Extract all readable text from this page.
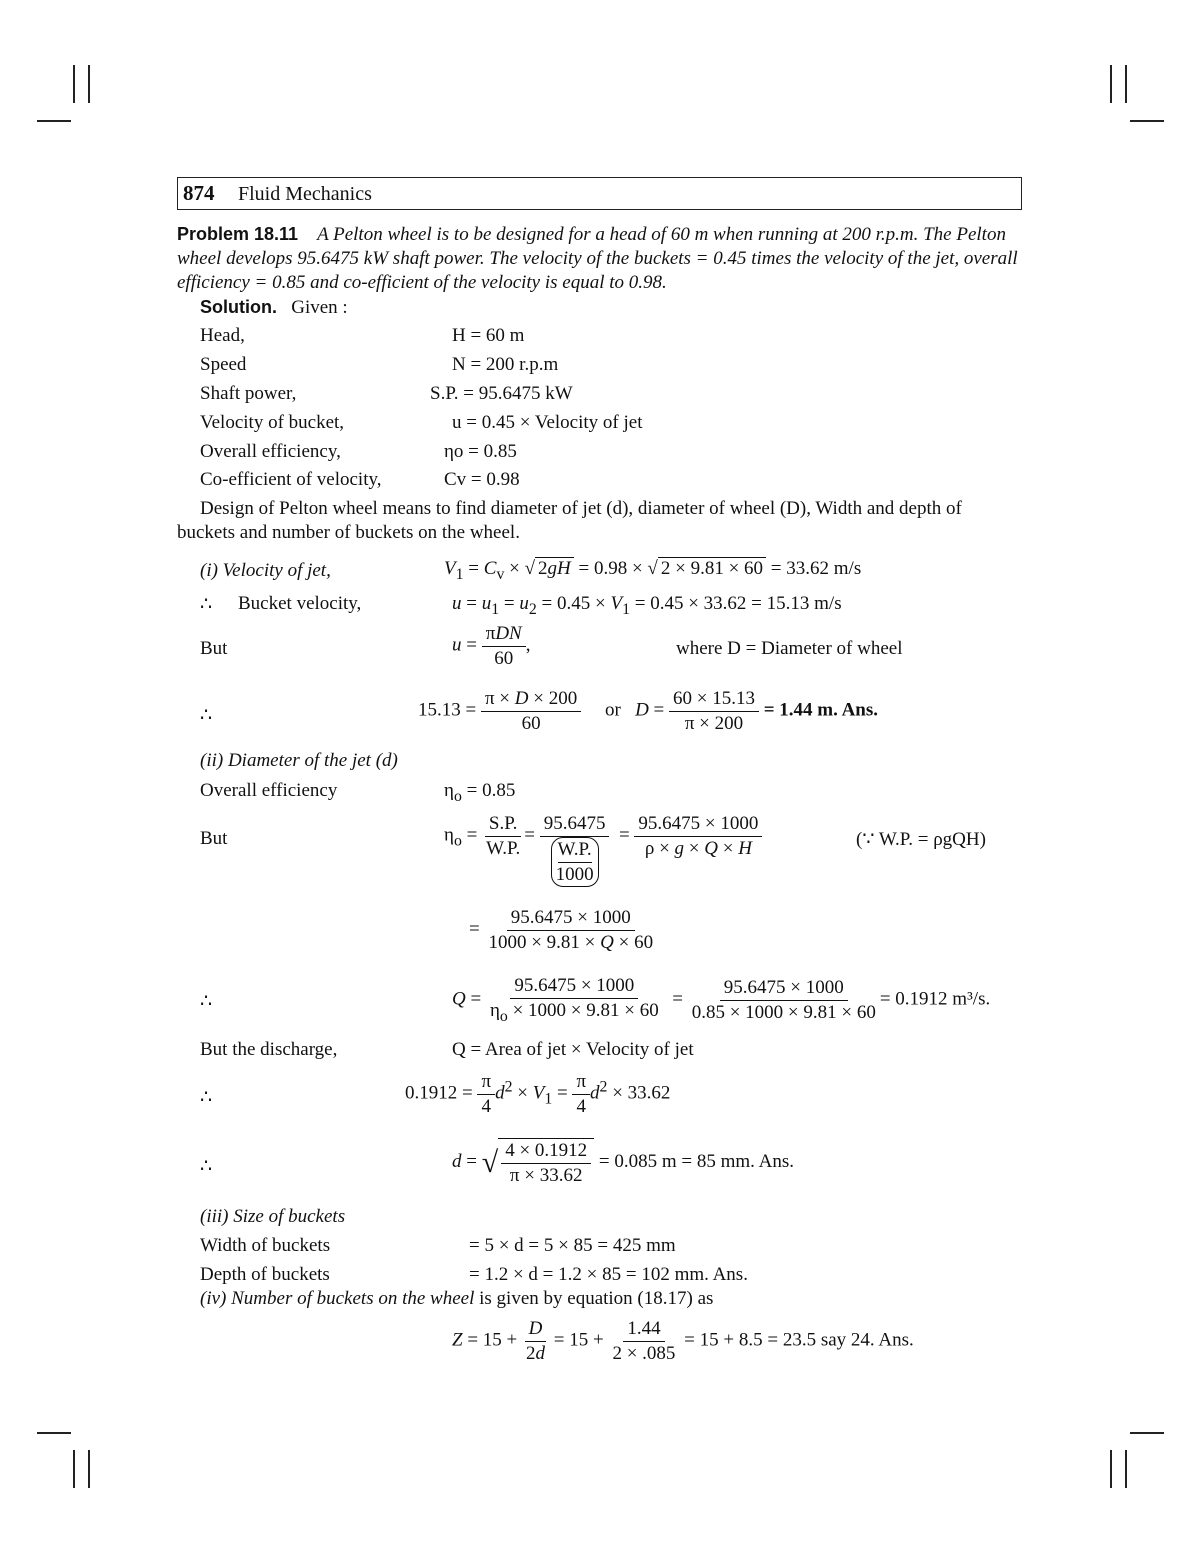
874 Fluid Mechanics
Problem 18.11 A Pelton wheel is to be designed for a head of 60 m when running at 200 r.p.m. The Pelton wheel develops 95.6475 kW shaft power. The velocity of the buckets = 0.45 times the velocity of the jet, overall efficiency = 0.85 and co-efficient of the velocity is equal to 0.98.
Solution. Given :
Head,	H = 60 m
Speed	N = 200 r.p.m
Shaft power,	S.P. = 95.6475 kW
Velocity of bucket,	u = 0.45 × Velocity of jet
Overall efficiency,	ηo = 0.85
Co-efficient of velocity,	Cv = 0.98
Design of Pelton wheel means to find diameter of jet (d), diameter of wheel (D), Width and depth of buckets and number of buckets on the wheel.
(i) Velocity of jet,	$V_1 = C_v$ × √ 2gH = 0.98 × √ 2 × 9.81 × 60 = 33.62 m/s
∴ Bucket velocity,	$u = u_1 = u_2 = 0.45 \times V_1 = 0.45 \times 33.62 = 15.13$ m/s
But	$u = \frac{\text{πDN}}{60}$ ,	where D = Diameter of wheel
∴	$15.13 = \frac{\pi \times D \times 200}{60}$ or   $D = \frac{60 \times 15.13}{\pi \times 200} = 1.44$ m. Ans.
(ii) Diameter of the jet (d)
Overall efficiency	$\eta_o = 0.85$
But	$\eta_o = \frac{S.P.}{W.P.} = \frac{95.6475}{\frac{W.P.}{1000}} = \frac{95.6475 \times 1000}{\rho \times g \times Q \times H}$	(∵ W.P. = ρgQH)
= $\frac{95.6475 \times 1000}{1000 \times 9.81 \times Q \times 60}$
∴	$Q = \frac{95.6475 \times 1000}{\eta_o \times 1000 \times 9.81 \times 60} = \frac{95.6475 \times 1000}{0.85 \times 1000 \times 9.81 \times 60} = 0.1912$ m³/s.
But the discharge,	Q = Area of jet × Velocity of jet
∴	$0.1912 = \frac{\pi}{4} d^2 \times V_1 = \frac{\pi}{4} d^2 \times 33.62$
∴	d = √ $\frac{4 \times 0.1912}{\pi \times 33.62} = 0.085$ m = 85 mm. Ans.
(iii) Size of buckets
Width of buckets	= 5 × d = 5 × 85 = 425 mm
Depth of buckets	= 1.2 × d = 1.2 × 85 = 102 mm. Ans.
(iv) Number of buckets on the wheel is given by equation (18.17) as
$Z = 15 + \frac{D}{2d} = 15 + \frac{1.44}{2 \times .085} = 15 + 8.5 = 23.5$ say 24. Ans.
